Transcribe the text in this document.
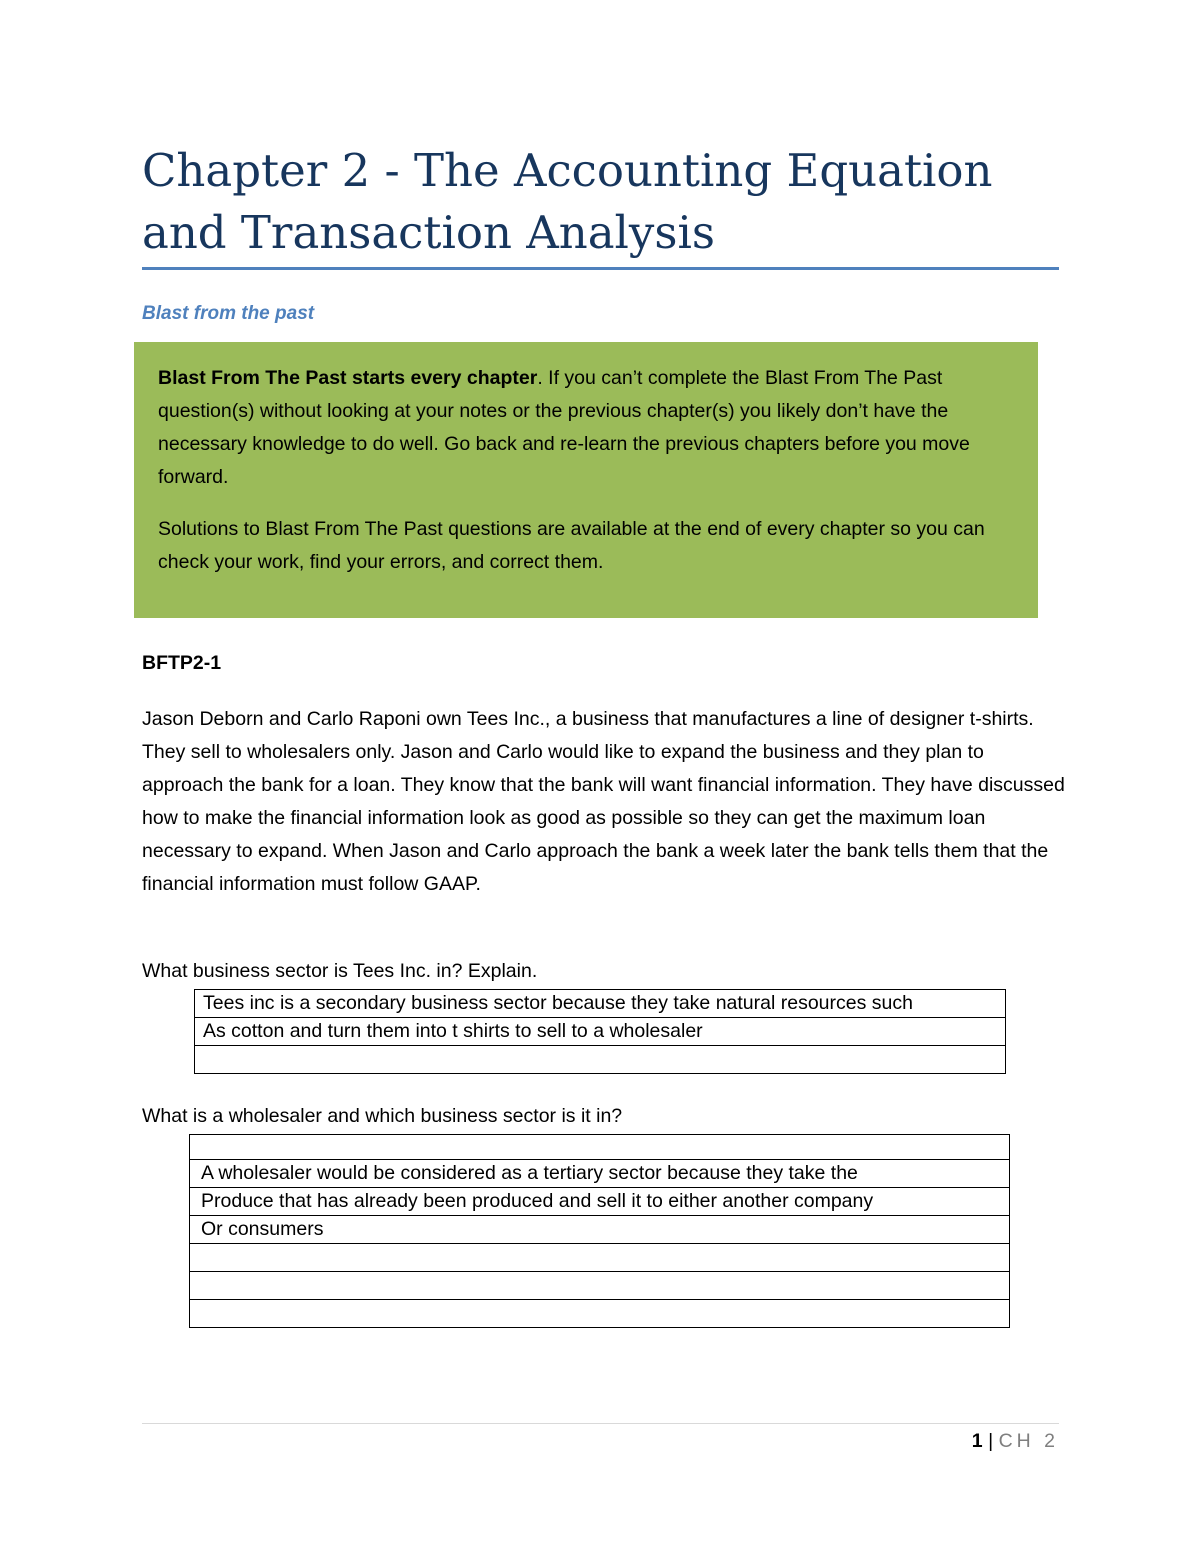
Chapter 2 - The Accounting Equation and Transaction Analysis
Blast from the past

Blast From The Past starts every chapter. If you can’t complete the Blast From The Past question(s) without looking at your notes or the previous chapter(s) you likely don’t have the necessary knowledge to do well. Go back and re-learn the previous chapters before you move forward.

Solutions to Blast From The Past questions are available at the end of every chapter so you can check your work, find your errors, and correct them.

BFTP2-1

Jason Deborn and Carlo Raponi own Tees Inc., a business that manufactures a line of designer t-shirts. They sell to wholesalers only. Jason and Carlo would like to expand the business and they plan to approach the bank for a loan. They know that the bank will want financial information. They have discussed how to make the financial information look as good as possible so they can get the maximum loan necessary to expand. When Jason and Carlo approach the bank a week later the bank tells them that the financial information must follow GAAP.

What business sector is Tees Inc. in? Explain.

Tees inc is a secondary business sector because they take natural resources such
As cotton and turn them into t shirts to sell to a wholesaler

What is a wholesaler and which business sector is it in?

A wholesaler would be considered as a tertiary sector because they take the
Produce that has already been produced and sell it to either another company
Or consumers

1 | CH 2
